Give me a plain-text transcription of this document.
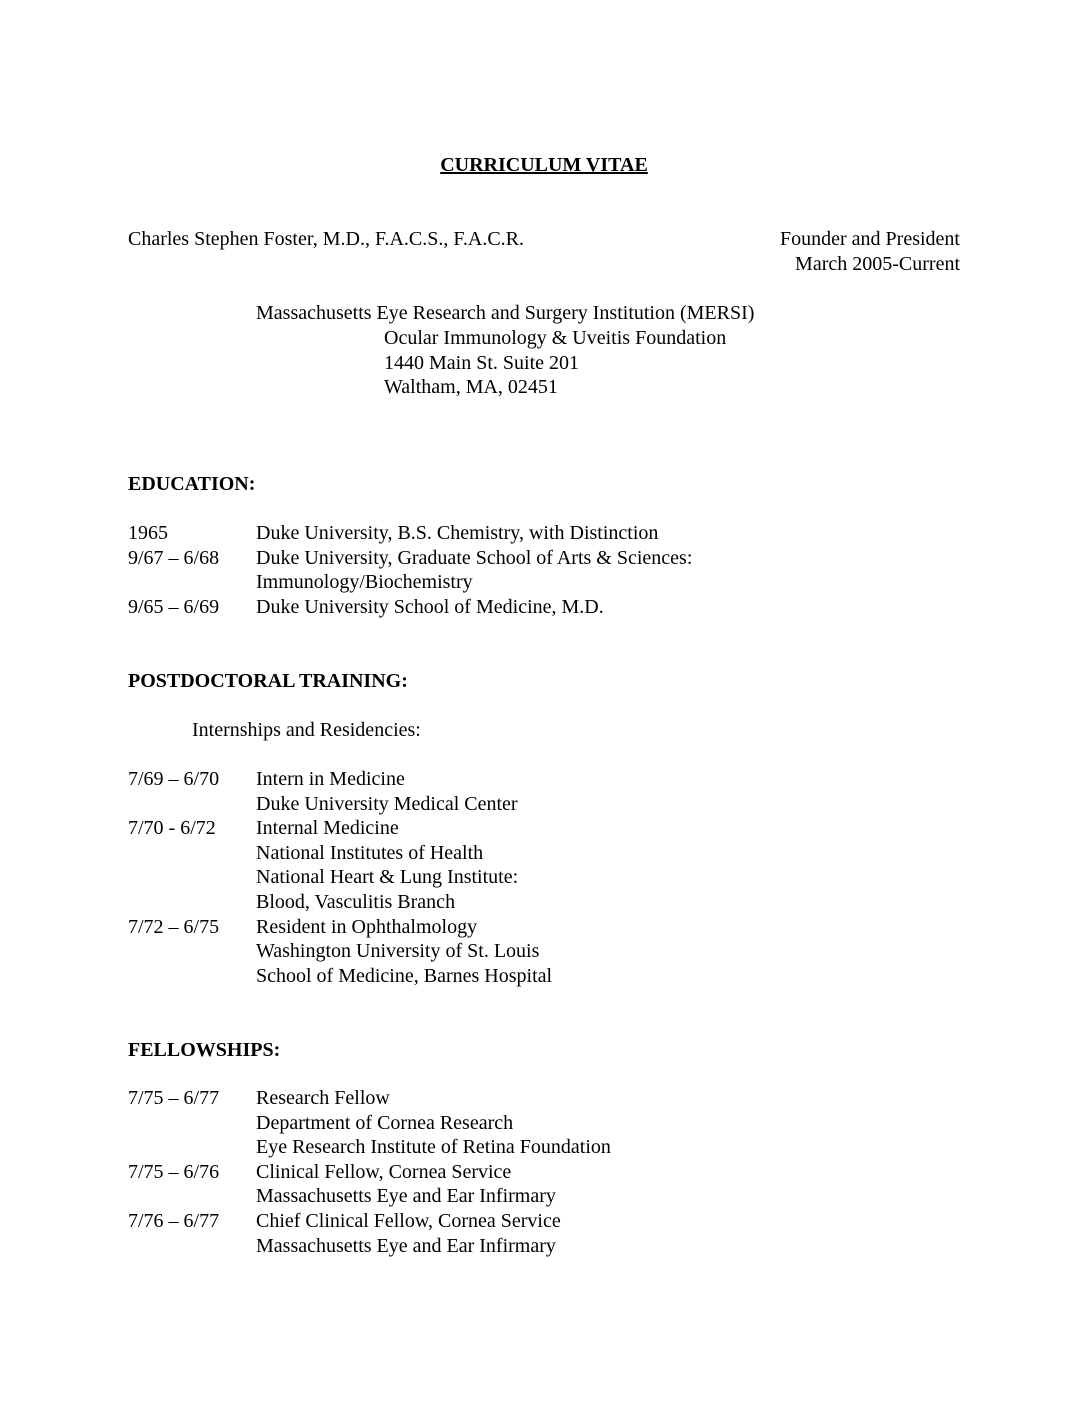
CURRICULUM VITAE
Charles Stephen Foster, M.D., F.A.C.S., F.A.C.R.	Founder and President
March 2005-Current
Massachusetts Eye Research and Surgery Institution (MERSI)
Ocular Immunology & Uveitis Foundation
1440 Main St. Suite 201
Waltham, MA, 02451
EDUCATION:
1965	Duke University, B.S. Chemistry, with Distinction
9/67 – 6/68	Duke University, Graduate School of Arts & Sciences:
Immunology/Biochemistry
9/65 – 6/69	Duke University School of Medicine, M.D.
POSTDOCTORAL TRAINING:
Internships and Residencies:
7/69 – 6/70	Intern in Medicine
Duke University Medical Center
7/70 - 6/72	Internal Medicine
National Institutes of Health
National Heart & Lung Institute:
Blood, Vasculitis Branch
7/72 – 6/75	Resident in Ophthalmology
Washington University of St. Louis
School of Medicine, Barnes Hospital
FELLOWSHIPS:
7/75 – 6/77	Research Fellow
Department of Cornea Research
Eye Research Institute of Retina Foundation
7/75 – 6/76	Clinical Fellow, Cornea Service
Massachusetts Eye and Ear Infirmary
7/76 – 6/77	Chief Clinical Fellow, Cornea Service
Massachusetts Eye and Ear Infirmary
